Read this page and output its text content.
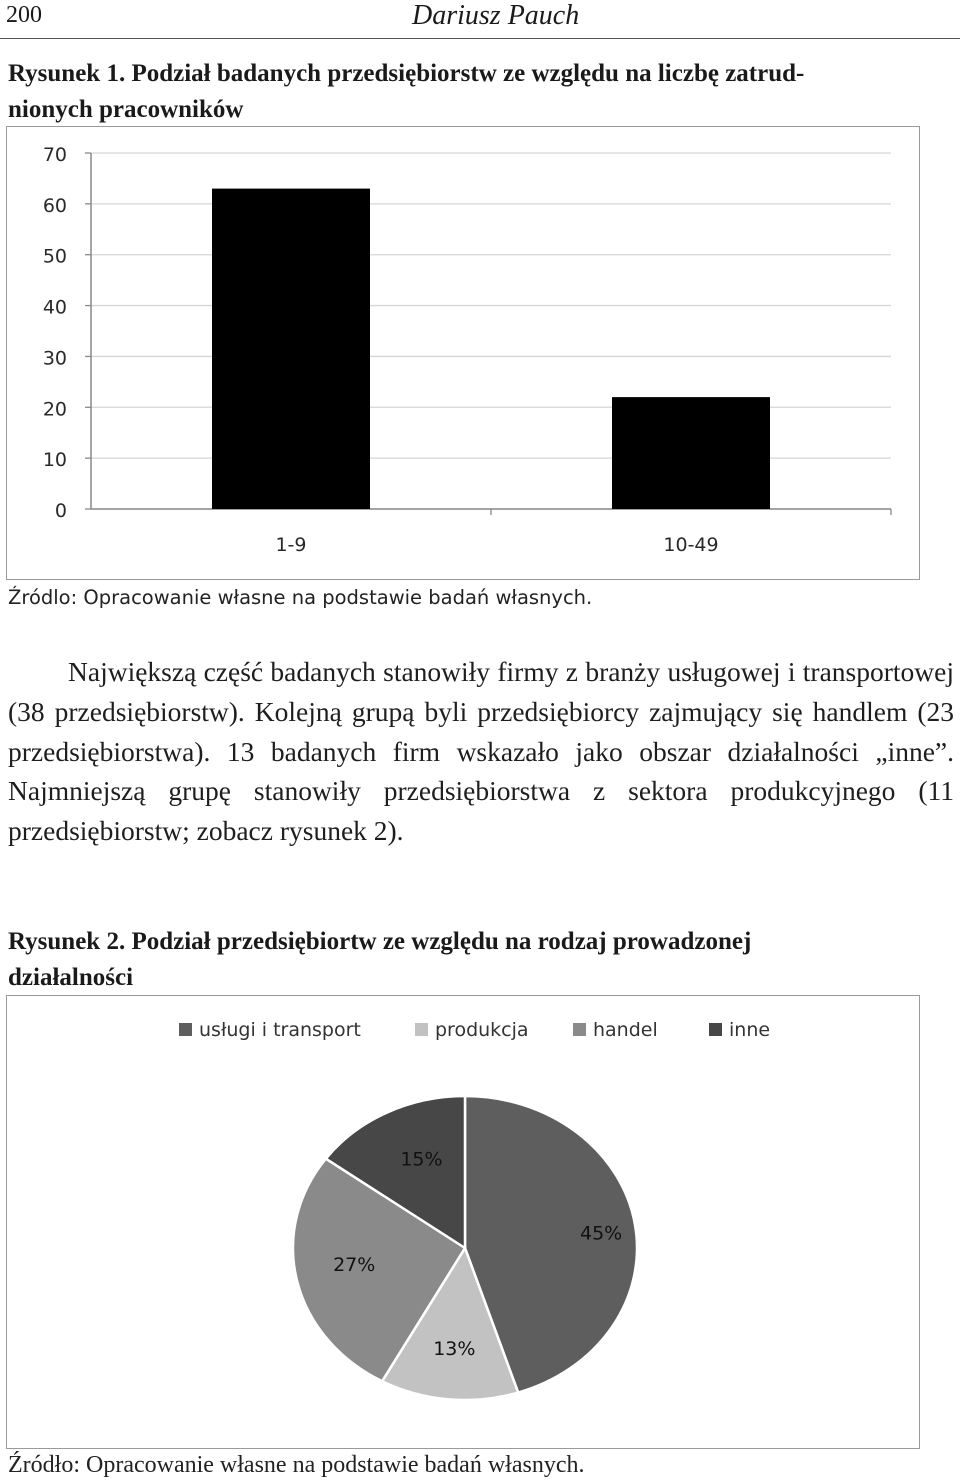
200	Dariusz Pauch

Rysunek 1. Podział badanych przedsiębiorstw ze względu na liczbę zatrud-
nionych pracowników

0
10
20
30
40
50
60
70
1-9	10-49
Źródlo: Opracowanie własne na podstawie badań własnych.

Największą część badanych stanowiły firmy z branży usługowej i transportowej (38 przedsiębiorstw). Kolejną grupą byli przedsiębiorcy zajmujący się handlem (23 przedsiębiorstwa). 13 badanych firm wskazało jako obszar działalności „inne”. Najmniejszą grupę stanowiły przedsiębiorstwa z sektora produkcyjnego (11 przedsiębiorstw; zobacz rysunek 2).

Rysunek 2. Podział przedsiębiortw ze względu na rodzaj prowadzonej
działalności

usługi i transport	produkcja	handel	inne
45%
13%
27%
15%
Źródło: Opracowanie własne na podstawie badań własnych.
